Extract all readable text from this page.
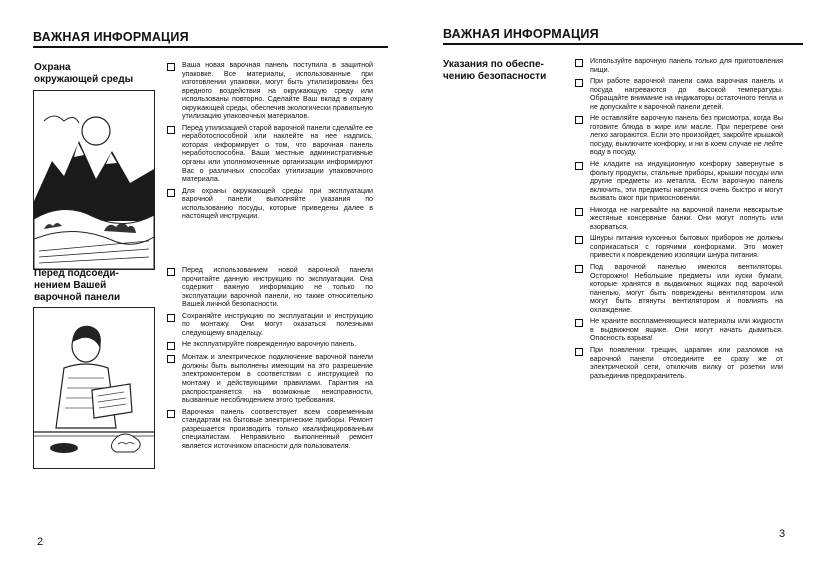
ВАЖНАЯ ИНФОРМАЦИЯ
Охрана
окружающей среды
Ваша новая варочная панель поступила в защитной упаковке. Все материалы, использованные при изготовлении упаковки, могут быть утилизированы без вредного воздействия на окружающую среду или использованы повторно. Сделайте Ваш вклад в охрану окружающей среды, обеспечив экологически правильную утилизацию упаковочных материалов.
Перед утилизацией старой варочной панели сделайте ее неработоспособной или наклейте на нее надпись, которая информирует о том, что варочная панель неработоспособна. Ваши местные административные органы или уполномоченные организации информируют Вас о различных способах утилизации упаковочного материала.
Для охраны окружающей среды при эксплуатации варочной панели выполняйте указания по использованию посуды, которые приведены далее в настоящей инструкции.
Перед подсоеди-
нением Вашей
варочной панели
Перед использованием новой варочной панели прочитайте данную инструкцию по эксплуатации. Она содержит важную информацию не только по эксплуатации варочной панели, но также относительно Вашей личной безопасности.
Сохраняйте инструкцию по эксплуатации и инструкцию по монтажу. Они могут оказаться полезными следующему владельцу.
Не эксплуатируйте поврежденную варочную панель.
Монтаж и электрическое подключение варочной панели должны быть выполнены имеющим на это разрешение электромонтером в соответствии с инструкцией по монтажу и действующими правилами. Гарантия на распространяется на возможные неисправности, вызванные несоблюдением этого требования.
Варочная панель соответствует всем современным стандартам на бытовые электрические приборы. Ремонт разрешается производить только квалифицированным специалистам. Неправильно выполненный ремонт является источником опасности для пользователя.
2
ВАЖНАЯ ИНФОРМАЦИЯ
Указания по обеспе-
чению безопасности
Используйте варочную панель только для приготовления пищи.
При работе варочной панели сама варочная панель и посуда нагреваются до высокой температуры. Обращайте внимание на индикаторы остаточного тепла и не допускайте к варочной панели детей.
Не оставляйте варочную панель без присмотра, когда Вы готовите блюда в жире или масле. При перегреве они легко загораются. Если это произойдет, закройте крышкой посуду, выключите конфорку, и ни в коем случае не лейте воду в посуду.
Не кладите на индукционную конфорку завернутые в фольгу продукты, стальные приборы, крышки посуды или другие предметы из металла. Если варочную панель включить, эти предметы нагреются очень быстро и могут вызвать ожог при прикосновении.
Никогда не нагревайте на варочной панели невскрытые жестяные консервные банки. Они могут лопнуть или взорваться.
Шнуры питания кухонных бытовых приборов не должны соприкасаться с горячими конфорками. Это может привести к повреждению изоляции шнура питания.
Под варочной панелью имеются вентиляторы. Осторожно! Небольшие предметы или куски бумаги, которые хранятся в выдвижных ящиках под варочной панелью, могут быть повреждены вентилятором или могут быть втянуты вентилятором и повлиять на охлаждение.
Не храните воспламеняющиеся материалы или жидкости в выдвижном ящике. Они могут начать дымиться. Опасность взрыва!
При появлении трещин, царапин или разломов на варочной панели отсоедините ее сразу же от электрической сети, отключив вилку от розетки или разъединив предохранитель.
3
